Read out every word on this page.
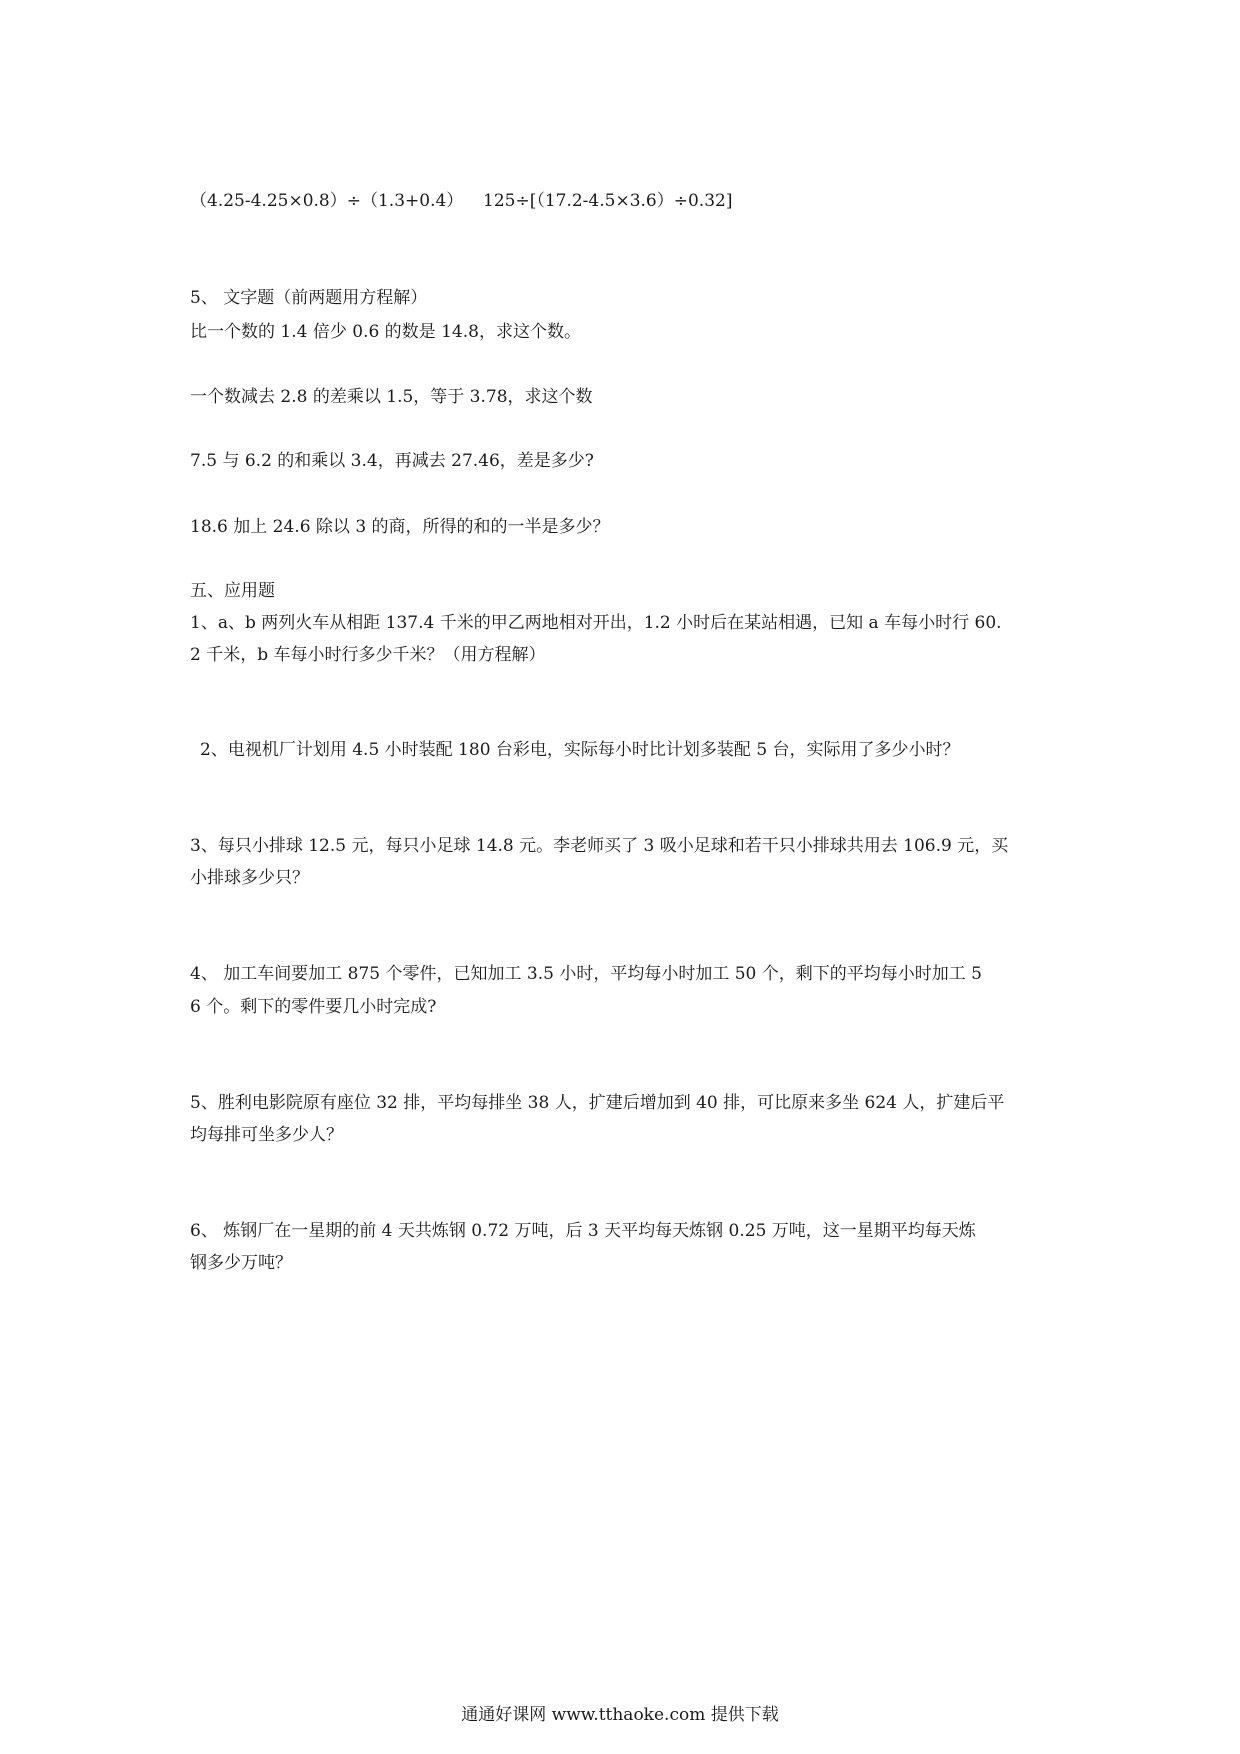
（4.25-4.25×0.8）÷（1.3+0.4） 125÷[（17.2-4.5×3.6）÷0.32]
5、 文字题（前两题用方程解）
比一个数的 1.4 倍少 0.6 的数是 14.8，求这个数。
一个数减去 2.8 的差乘以 1.5，等于 3.78，求这个数
7.5 与 6.2 的和乘以 3.4，再减去 27.46，差是多少?
18.6 加上 24.6 除以 3 的商，所得的和的一半是多少？
五、应用题
1、a、b 两列火车从相距 137.4 千米的甲乙两地相对开出，1.2 小时后在某站相遇，已知 a 车每小时行 60.
2 千米，b 车每小时行多少千米？（用方程解）
2、电视机厂计划用 4.5 小时装配 180 台彩电，实际每小时比计划多装配 5 台，实际用了多少小时？
3、每只小排球 12.5 元，每只小足球 14.8 元。李老师买了 3 吸小足球和若干只小排球共用去 106.9 元，买
小排球多少只？
4、 加工车间要加工 875 个零件，已知加工 3.5 小时，平均每小时加工 50 个，剩下的平均每小时加工 5
6 个。剩下的零件要几小时完成?
5、胜利电影院原有座位 32 排，平均每排坐 38 人，扩建后增加到 40 排，可比原来多坐 624 人，扩建后平
均每排可坐多少人？
6、 炼钢厂在一星期的前 4 天共炼钢 0.72 万吨，后 3 天平均每天炼钢 0.25 万吨，这一星期平均每天炼
钢多少万吨？
通通好课网 www.tthaoke.com 提供下载
